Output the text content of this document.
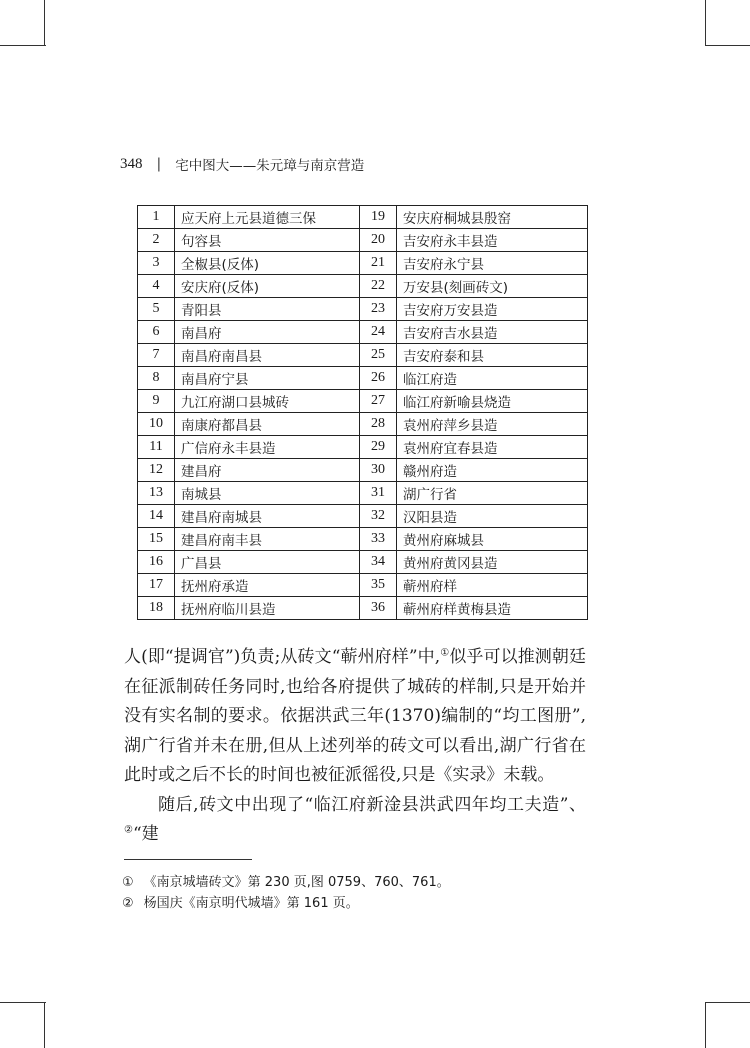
348 | 宅中图大——朱元璋与南京营造
1	应天府上元县道德三保	19	安庆府桐城县殷窑
2	句容县	20	吉安府永丰县造
3	全椒县(反体)	21	吉安府永宁县
4	安庆府(反体)	22	万安县(刻画砖文)
5	青阳县	23	吉安府万安县造
6	南昌府	24	吉安府吉水县造
7	南昌府南昌县	25	吉安府泰和县
8	南昌府宁县	26	临江府造
9	九江府湖口县城砖	27	临江府新喻县烧造
10	南康府都昌县	28	袁州府萍乡县造
11	广信府永丰县造	29	袁州府宜春县造
12	建昌府	30	赣州府造
13	南城县	31	湖广行省
14	建昌府南城县	32	汉阳县造
15	建昌府南丰县	33	黄州府麻城县
16	广昌县	34	黄州府黄冈县造
17	抚州府承造	35	蕲州府样
18	抚州府临川县造	36	蕲州府样黄梅县造

人(即“提调官”)负责;从砖文“蕲州府样”中,①似乎可以推测朝廷在征派制砖任务同时,也给各府提供了城砖的样制,只是开始并没有实名制的要求。依据洪武三年(1370)编制的“均工图册”,湖广行省并未在册,但从上述列举的砖文可以看出,湖广行省在此时或之后不长的时间也被征派徭役,只是《实录》未载。

随后,砖文中出现了“临江府新淦县洪武四年均工夫造”、②“建

① 《南京城墙砖文》第 230 页,图 0759、760、761。
② 杨国庆《南京明代城墙》第 161 页。
